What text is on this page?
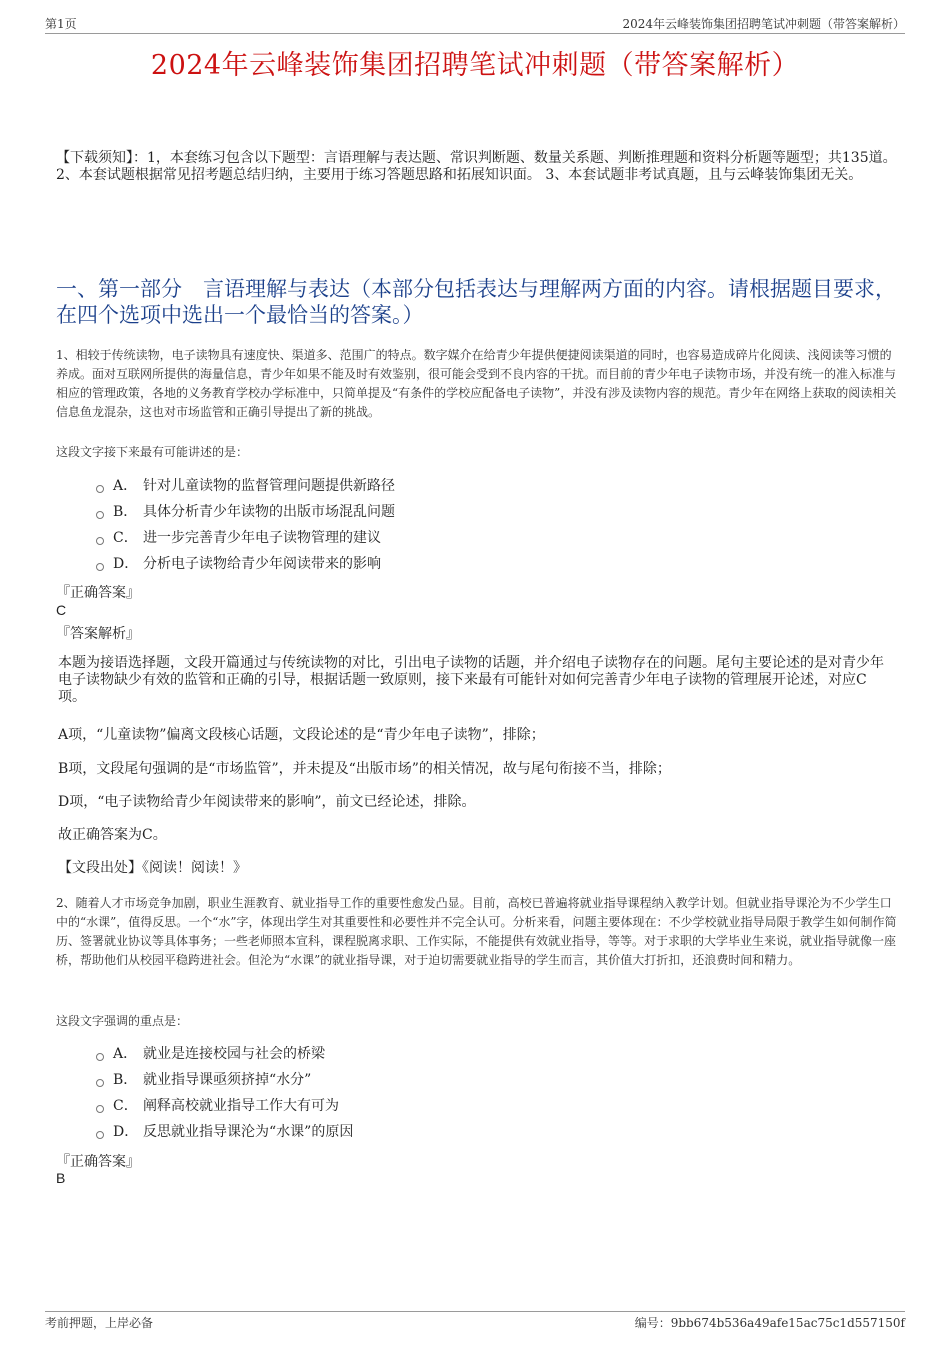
第1页	2024年云峰装饰集团招聘笔试冲刺题（带答案解析）
2024年云峰装饰集团招聘笔试冲刺题（带答案解析）
【下载须知】：1，本套练习包含以下题型：言语理解与表达题、常识判断题、数量关系题、判断推理题和资料分析题等题型；共135道。 2、本套试题根据常见招考题总结归纳，主要用于练习答题思路和拓展知识面。 3、本套试题非考试真题，且与云峰装饰集团无关。
一、第一部分　言语理解与表达（本部分包括表达与理解两方面的内容。请根据题目要求，在四个选项中选出一个最恰当的答案。）
1、相较于传统读物，电子读物具有速度快、渠道多、范围广的特点。数字媒介在给青少年提供便捷阅读渠道的同时，也容易造成碎片化阅读、浅阅读等习惯的养成。面对互联网所提供的海量信息，青少年如果不能及时有效鉴别，很可能会受到不良内容的干扰。而目前的青少年电子读物市场，并没有统一的准入标准与相应的管理政策，各地的义务教育学校办学标准中，只简单提及“有条件的学校应配备电子读物”，并没有涉及读物内容的规范。青少年在网络上获取的阅读相关信息鱼龙混杂，这也对市场监管和正确引导提出了新的挑战。
这段文字接下来最有可能讲述的是：
A． 针对儿童读物的监督管理问题提供新路径
B． 具体分析青少年读物的出版市场混乱问题
C． 进一步完善青少年电子读物管理的建议
D． 分析电子读物给青少年阅读带来的影响
『正确答案』
C
『答案解析』
本题为接语选择题，文段开篇通过与传统读物的对比，引出电子读物的话题，并介绍电子读物存在的问题。尾句主要论述的是对青少年电子读物缺少有效的监管和正确的引导，根据话题一致原则，接下来最有可能针对如何完善青少年电子读物的管理展开论述，对应C项。
A项，“儿童读物”偏离文段核心话题，文段论述的是“青少年电子读物”，排除；
B项，文段尾句强调的是“市场监管”，并未提及“出版市场”的相关情况，故与尾句衔接不当，排除；
D项，“电子读物给青少年阅读带来的影响”，前文已经论述，排除。
故正确答案为C。
【文段出处】《阅读！阅读！》
2、随着人才市场竞争加剧，职业生涯教育、就业指导工作的重要性愈发凸显。目前，高校已普遍将就业指导课程纳入教学计划。但就业指导课沦为不少学生口中的“水课”，值得反思。一个“水”字，体现出学生对其重要性和必要性并不完全认可。分析来看，问题主要体现在：不少学校就业指导局限于教学生如何制作简历、签署就业协议等具体事务；一些老师照本宣科，课程脱离求职、工作实际，不能提供有效就业指导，等等。对于求职的大学毕业生来说，就业指导就像一座桥，帮助他们从校园平稳跨进社会。但沦为“水课”的就业指导课，对于迫切需要就业指导的学生而言，其价值大打折扣，还浪费时间和精力。
这段文字强调的重点是：
A． 就业是连接校园与社会的桥梁
B． 就业指导课亟须挤掉“水分”
C． 阐释高校就业指导工作大有可为
D． 反思就业指导课沦为“水课”的原因
『正确答案』
B
考前押题，上岸必备	编号：9bb674b536a49afe15ac75c1d557150f
